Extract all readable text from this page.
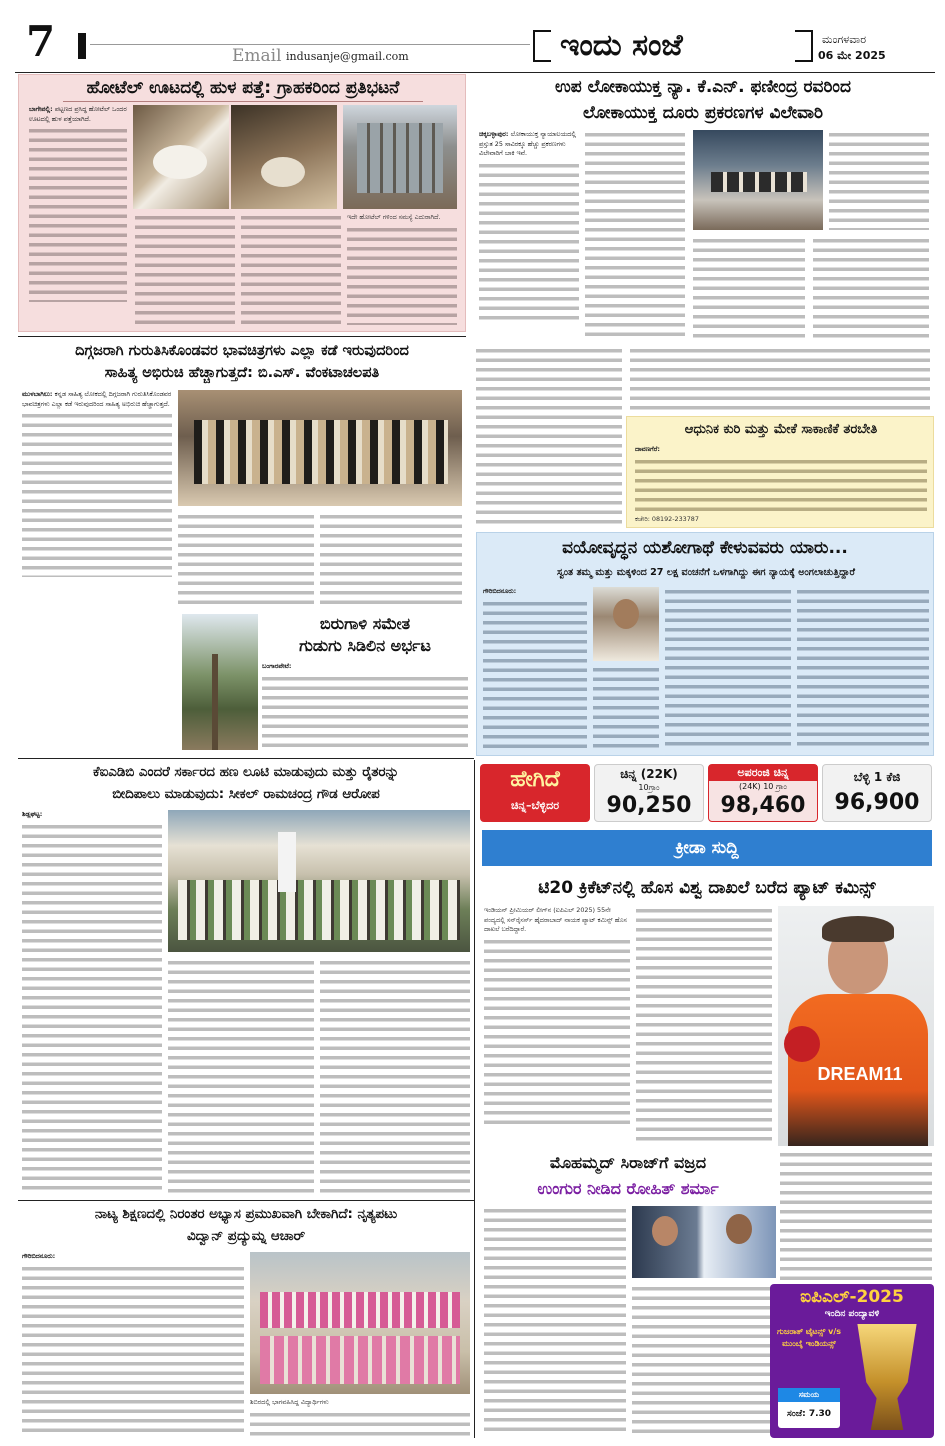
7	Email indusanje@gmail.com	ಇಂದು ಸಂಜೆ	ಮಂಗಳವಾರ
06 ಮೇ 2025
ಹೋಟೆಲ್ ಊಟದಲ್ಲಿ ಹುಳ ಪತ್ತೆ: ಗ್ರಾಹಕರಿಂದ ಪ್ರತಿಭಟನೆ
ಬಾಗೇಪಲ್ಲಿ: ಪಟ್ಟಣದ ಪ್ರಸಿದ್ಧ ಹೋಟೆಲ್ ಒಂದರ ಊಟದಲ್ಲಿ ಹುಳ ಪತ್ತೆಯಾಗಿದೆ.
ಇದೇ ಹೋಟೆಲ್ ಗಳಿಂದ ಸಮಸ್ಯೆ ಎದುರಾಗಿದೆ.
ಉಪ ಲೋಕಾಯುಕ್ತ ನ್ಯಾ. ಕೆ.ಎನ್. ಫಣೀಂದ್ರ ರವರಿಂದ
ಲೋಕಾಯುಕ್ತ ದೂರು ಪ್ರಕರಣಗಳ ವಿಲೇವಾರಿ
ಚಿಕ್ಕಬಳ್ಳಾಪುರ: ಲೋಕಾಯುಕ್ತ ನ್ಯಾಯಾಲಯದಲ್ಲಿ ಪ್ರಸ್ತುತ 25 ಸಾವಿರಕ್ಕೂ ಹೆಚ್ಚು ಪ್ರಕರಣಗಳು ವಿಲೇವಾರಿಗೆ ಬಾಕಿ ಇವೆ.
ದಿಗ್ಗಜರಾಗಿ ಗುರುತಿಸಿಕೊಂಡವರ ಭಾವಚಿತ್ರಗಳು ಎಲ್ಲಾ ಕಡೆ ಇರುವುದರಿಂದ
ಸಾಹಿತ್ಯ ಅಭಿರುಚಿ ಹೆಚ್ಚಾಗುತ್ತದೆ: ಬಿ.ಎಸ್. ವೆಂಕಟಾಚಲಪತಿ
ಮುಳಬಾಗಿಲು: ಕನ್ನಡ ಸಾಹಿತ್ಯ ಲೋಕದಲ್ಲಿ ದಿಗ್ಗಜರಾಗಿ ಗುರುತಿಸಿಕೊಂಡವರ ಭಾವಚಿತ್ರಗಳು ಎಲ್ಲಾ ಕಡೆ ಇರುವುದರಿಂದ ಸಾಹಿತ್ಯ ಅಭಿರುಚಿ ಹೆಚ್ಚಾಗುತ್ತದೆ.
ಆಧುನಿಕ ಕುರಿ ಮತ್ತು ಮೇಕೆ ಸಾಕಾಣಿಕೆ ತರಬೇತಿ
ದಾವಣಗೆರೆ:
ಕಚೇರಿ: 08192-233787
ಬಿರುಗಾಳಿ ಸಮೇತ
ಗುಡುಗು ಸಿಡಿಲಿನ ಅರ್ಭಟ
ಬಂಗಾರಪೇಟೆ:
ವಯೋವೃದ್ಧನ ಯಶೋಗಾಥೆ ಕೇಳುವವರು ಯಾರು...
ಸ್ವಂತ ತಮ್ಮ ಮತ್ತು ಮಕ್ಕಳಿಂದ 27 ಲಕ್ಷ ವಂಚನೆಗೆ ಒಳಗಾಗಿದ್ದು ಈಗ ನ್ಯಾಯಕ್ಕೆ ಅಂಗಲಾಚುತ್ತಿದ್ದಾರೆ
ಗೌರಿಬಿದನೂರು:
ಕೆಐಎಡಿಬಿ ಎಂದರೆ ಸರ್ಕಾರದ ಹಣ ಲೂಟಿ ಮಾಡುವುದು ಮತ್ತು ರೈತರನ್ನು
ಬೀದಿಪಾಲು ಮಾಡುವುದು: ಸೀಕಲ್ ರಾಮಚಂದ್ರ ಗೌಡ ಆರೋಪ
ಶಿಡ್ಲಘಟ್ಟ:
ನಾಟ್ಯ ಶಿಕ್ಷಣದಲ್ಲಿ ನಿರಂತರ ಅಭ್ಯಾಸ ಪ್ರಮುಖವಾಗಿ ಬೇಕಾಗಿದೆ: ನೃತ್ಯಪಟು
ವಿದ್ವಾನ್ ಪ್ರದ್ಯುಮ್ನ ಆಚಾರ್
ಗೌರಿಬಿದನೂರು:
ಶಿಬಿರದಲ್ಲಿ ಭಾಗವಹಿಸಿದ್ದ ವಿದ್ಯಾರ್ಥಿಗಳು
ಹೇಗಿದೆ
ಚಿನ್ನ–ಬೆಳ್ಳಿದರ
ಚಿನ್ನ (22K)
10ಗ್ರಾಂ
90,250
ಅಪರಂಜಿ ಚಿನ್ನ
(24K) 10 ಗ್ರಾಂ
98,460
ಬೆಳ್ಳಿ 1 ಕೆಜಿ
96,900
ಕ್ರೀಡಾ ಸುದ್ದಿ
ಟಿ20 ಕ್ರಿಕೆಟ್‌ನಲ್ಲಿ ಹೊಸ ವಿಶ್ವ ದಾಖಲೆ ಬರೆದ ಪ್ಯಾಟ್ ಕಮಿನ್ಸ್
ಇಂಡಿಯನ್ ಪ್ರೀಮಿಯರ್ ಲೀಗ್‌ನ (ಐಪಿಎಲ್ 2025) 55ನೇ ಪಂದ್ಯದಲ್ಲಿ ಸನ್‌ರೈಸರ್ಸ್ ಹೈದರಾಬಾದ್ ನಾಯಕ ಪ್ಯಾಟ್ ಕಮಿನ್ಸ್ ಹೊಸ ದಾಖಲೆ ಬರೆದಿದ್ದಾರೆ.
DREAM11
ಮೊಹಮ್ಮದ್ ಸಿರಾಜ್‌ಗೆ ವಜ್ರದ
ಉಂಗುರ ನೀಡಿದ ರೋಹಿತ್ ಶರ್ಮಾ
ಐಪಿಎಲ್-2025
ಇಂದಿನ ಪಂದ್ಯಾವಳಿ
ಗುಜರಾತ್ ಟೈಟನ್ಸ್ v/s ಮುಂಬೈ ಇಂಡಿಯನ್ಸ್
ಸಮಯ
ಸಂಜೆ: 7.30
